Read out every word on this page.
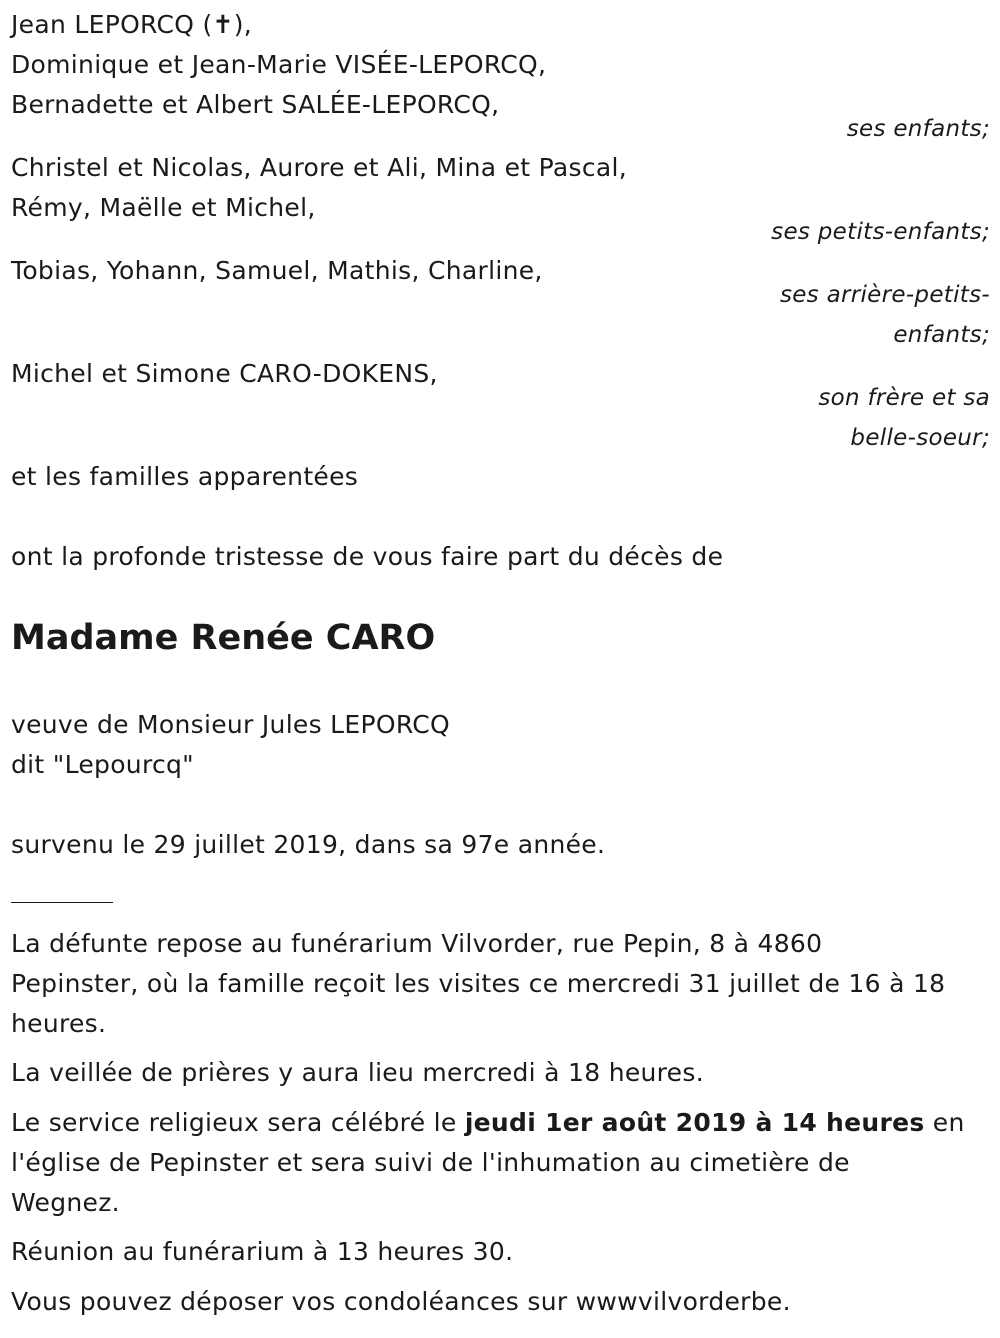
Jean LEPORCQ (✝),
Dominique et Jean-Marie VISÉE-LEPORCQ,
Bernadette et Albert SALÉE-LEPORCQ,
ses enfants;
Christel et Nicolas, Aurore et Ali, Mina et Pascal,
Rémy, Maëlle et Michel,
ses petits-enfants;
Tobias, Yohann, Samuel, Mathis, Charline,
ses arrière-petits-
enfants;
Michel et Simone CARO-DOKENS,
son frère et sa
belle-soeur;
et les familles apparentées
ont la profonde tristesse de vous faire part du décès de
Madame Renée CARO
veuve de Monsieur Jules LEPORCQ
dit "Lepourcq"
survenu le 29 juillet 2019, dans sa 97e année.
La défunte repose au funérarium Vilvorder, rue Pepin, 8 à 4860
Pepinster, où la famille reçoit les visites ce mercredi 31 juillet de 16 à 18
heures.
La veillée de prières y aura lieu mercredi à 18 heures.
Le service religieux sera célébré le jeudi 1er août 2019 à 14 heures en
l'église de Pepinster et sera suivi de l'inhumation au cimetière de
Wegnez.
Réunion au funérarium à 13 heures 30.
Vous pouvez déposer vos condoléances sur wwwvilvorderbe.
